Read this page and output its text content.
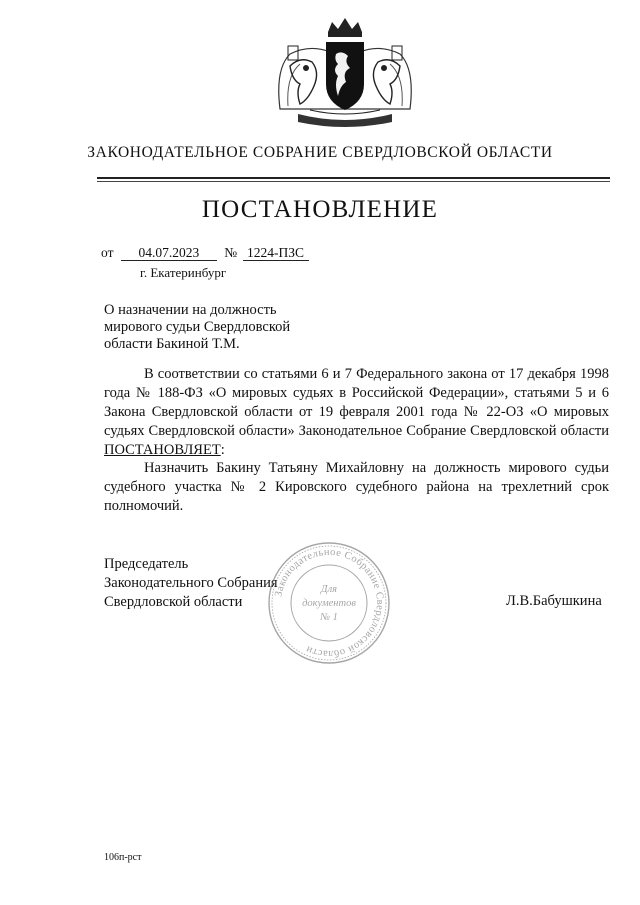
ЗАКОНОДАТЕЛЬНОЕ СОБРАНИЕ СВЕРДЛОВСКОЙ ОБЛАСТИ
ПОСТАНОВЛЕНИЕ
от 04.07.2023 № 1224-ПЗС
г. Екатеринбург
О назначении на должность
мирового судьи Свердловской
области Бакиной Т.М.
В соответствии со статьями 6 и 7 Федерального закона от 17 декабря 1998 года № 188-ФЗ «О мировых судьях в Российской Федерации», статьями 5 и 6 Закона Свердловской области от 19 февраля 2001 года № 22-ОЗ «О мировых судьях Свердловской области» Законодательное Собрание Свердловской области ПОСТАНОВЛЯЕТ:
Назначить Бакину Татьяну Михайловну на должность мирового судьи судебного участка № 2 Кировского судебного района на трехлетний срок полномочий.
Председатель
Законодательного Собрания
Свердловской области
Законодательное Собрание Свердловской области
Для
документов
№ 1
Л.В.Бабушкина
106п-рст
